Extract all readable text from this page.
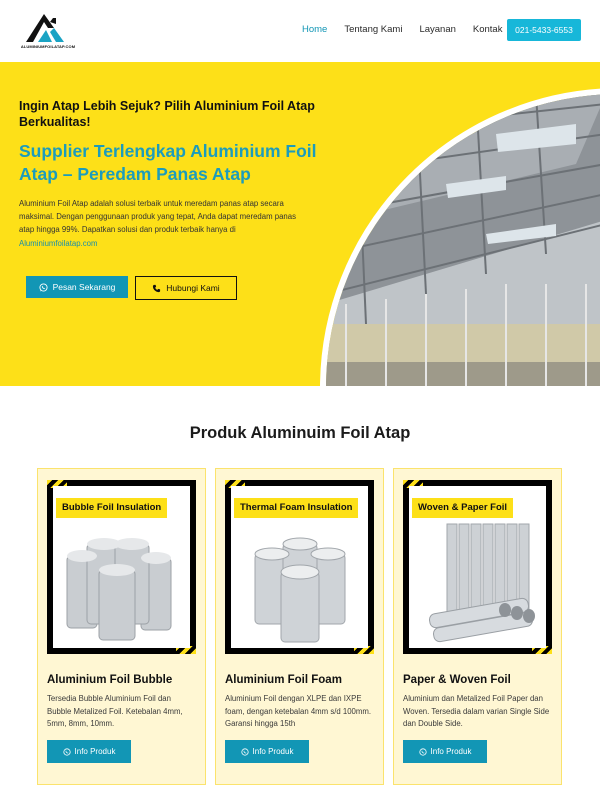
ALUMINIUMFOILATAP.COM
Home Tentang Kami Layanan Kontak	021-5433-6553
Ingin Atap Lebih Sejuk? Pilih Aluminium Foil Atap Berkualitas!
Supplier Terlengkap Aluminium Foil Atap – Peredam Panas Atap
Aluminium Foil Atap adalah solusi terbaik untuk meredam panas atap secara maksimal. Dengan penggunaan produk yang tepat, Anda dapat meredam panas atap hingga 99%. Dapatkan solusi dan produk terbaik hanya di Aluminiumfoilatap.com
Pesan Sekarang	Hubungi Kami
Produk Aluminuim Foil Atap
Bubble Foil Insulation
Aluminium Foil Bubble
Tersedia Bubble Aluminium Foil dan Bubble Metalized Foil. Ketebalan 4mm, 5mm, 8mm, 10mm.
Info Produk
Thermal Foam Insulation
Aluminium Foil Foam
Aluminium Foil dengan XLPE dan IXPE foam, dengan ketebalan 4mm s/d 100mm. Garansi hingga 15th
Info Produk
Woven & Paper Foil
Paper & Woven Foil
Aluminium dan Metalized Foil Paper dan Woven. Tersedia dalam varian Single Side dan Double Side.
Info Produk
